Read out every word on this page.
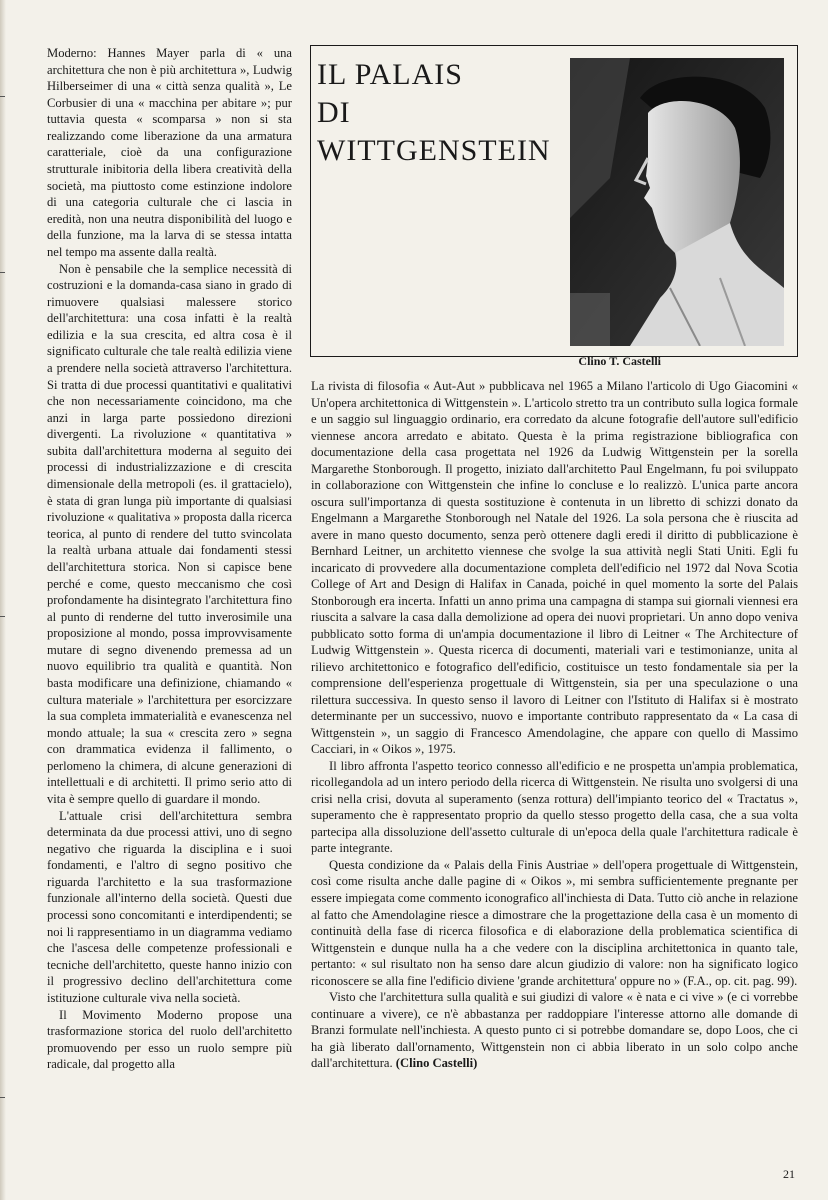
Moderno: Hannes Mayer parla di « una architettura che non è più architettura », Ludwig Hilberseimer di una « città senza qualità », Le Corbusier di una « macchina per abitare »; pur tuttavia questa « scomparsa » non si sta realizzando come liberazione da una armatura caratteriale, cioè da una configurazione strutturale inibitoria della libera creatività della società, ma piuttosto come estinzione indolore di una categoria culturale che ci lascia in eredità, non una neutra disponibilità del luogo e della funzione, ma la larva di se stessa intatta nel tempo ma assente dalla realtà.

Non è pensabile che la semplice necessità di costruzioni e la domanda-casa siano in grado di rimuovere qualsiasi malessere storico dell'architettura: una cosa infatti è la realtà edilizia e la sua crescita, ed altra cosa è il significato culturale che tale realtà edilizia viene a prendere nella società attraverso l'architettura. Si tratta di due processi quantitativi e qualitativi che non necessariamente coincidono, ma che anzi in larga parte possiedono direzioni divergenti. La rivoluzione « quantitativa » subita dall'architettura moderna al seguito dei processi di industrializzazione e di crescita dimensionale della metropoli (es. il grattacielo), è stata di gran lunga più importante di qualsiasi rivoluzione « qualitativa » proposta dalla ricerca teorica, al punto di rendere del tutto svincolata la realtà urbana attuale dai fondamenti stessi dell'architettura storica. Non si capisce bene perché e come, questo meccanismo che così profondamente ha disintegrato l'architettura fino al punto di renderne del tutto inverosimile una proposizione al mondo, possa improvvisamente mutare di segno divenendo premessa ad un nuovo equilibrio tra qualità e quantità. Non basta modificare una definizione, chiamando « cultura materiale » l'architettura per esorcizzare la sua completa immaterialità e evanescenza nel mondo attuale; la sua « crescita zero » segna con drammatica evidenza il fallimento, o perlomeno la chimera, di alcune generazioni di intellettuali e di architetti. Il primo serio atto di vita è sempre quello di guardare il mondo.

L'attuale crisi dell'architettura sembra determinata da due processi attivi, uno di segno negativo che riguarda la disciplina e i suoi fondamenti, e l'altro di segno positivo che riguarda l'architetto e la sua trasformazione funzionale all'interno della società. Questi due processi sono concomitanti e interdipendenti; se noi li rappresentiamo in un diagramma vediamo che l'ascesa delle competenze professionali e tecniche dell'architetto, queste hanno inizio con il progressivo declino dell'architettura come istituzione culturale viva nella società.

Il Movimento Moderno propose una trasformazione storica del ruolo dell'architetto promuovendo per esso un ruolo sempre più radicale, dal progetto alla

IL PALAIS
DI
WITTGENSTEIN
Clino T. Castelli

La rivista di filosofia « Aut-Aut » pubblicava nel 1965 a Milano l'articolo di Ugo Giacomini « Un'opera architettonica di Wittgenstein ». L'articolo stretto tra un contributo sulla logica formale e un saggio sul linguaggio ordinario, era corredato da alcune fotografie dell'autore sull'edificio viennese ancora arredato e abitato. Questa è la prima registrazione bibliografica con documentazione della casa progettata nel 1926 da Ludwig Wittgenstein per la sorella Margarethe Stonborough. Il progetto, iniziato dall'architetto Paul Engelmann, fu poi sviluppato in collaborazione con Wittgenstein che infine lo concluse e lo realizzò. L'unica parte ancora oscura sull'importanza di questa sostituzione è contenuta in un libretto di schizzi donato da Engelmann a Margarethe Stonborough nel Natale del 1926. La sola persona che è riuscita ad avere in mano questo documento, senza però ottenere dagli eredi il diritto di pubblicazione è Bernhard Leitner, un architetto viennese che svolge la sua attività negli Stati Uniti. Egli fu incaricato di provvedere alla documentazione completa dell'edificio nel 1972 dal Nova Scotia College of Art and Design di Halifax in Canada, poiché in quel momento la sorte del Palais Stonborough era incerta. Infatti un anno prima una campagna di stampa sui giornali viennesi era riuscita a salvare la casa dalla demolizione ad opera dei nuovi proprietari. Un anno dopo veniva pubblicato sotto forma di un'ampia documentazione il libro di Leitner « The Architecture of Ludwig Wittgenstein ». Questa ricerca di documenti, materiali vari e testimonianze, unita al rilievo architettonico e fotografico dell'edificio, costituisce un testo fondamentale sia per la comprensione dell'esperienza progettuale di Wittgenstein, sia per una speculazione o una rilettura successiva. In questo senso il lavoro di Leitner con l'Istituto di Halifax si è mostrato determinante per un successivo, nuovo e importante contributo rappresentato da « La casa di Wittgenstein », un saggio di Francesco Amendolagine, che appare con quello di Massimo Cacciari, in « Oikos », 1975.

Il libro affronta l'aspetto teorico connesso all'edificio e ne prospetta un'ampia problematica, ricollegandola ad un intero periodo della ricerca di Wittgenstein. Ne risulta uno svolgersi di una crisi nella crisi, dovuta al superamento (senza rottura) dell'impianto teorico del « Tractatus », superamento che è rappresentato proprio da quello stesso progetto della casa, che a sua volta partecipa alla dissoluzione dell'assetto culturale di un'epoca della quale l'architettura radicale è parte integrante.

Questa condizione da « Palais della Finis Austriae » dell'opera progettuale di Wittgenstein, così come risulta anche dalle pagine di « Oikos », mi sembra sufficientemente pregnante per essere impiegata come commento iconografico all'inchiesta di Data. Tutto ciò anche in relazione al fatto che Amendolagine riesce a dimostrare che la progettazione della casa è un momento di continuità della fase di ricerca filosofica e di elaborazione della problematica scientifica di Wittgenstein e dunque nulla ha a che vedere con la disciplina architettonica in quanto tale, pertanto: « sul risultato non ha senso dare alcun giudizio di valore: non ha significato logico riconoscere se alla fine l'edificio diviene 'grande architettura' oppure no » (F.A., op. cit. pag. 99).

Visto che l'architettura sulla qualità e sui giudizi di valore « è nata e ci vive » (e ci vorrebbe continuare a vivere), ce n'è abbastanza per raddoppiare l'interesse attorno alle domande di Branzi formulate nell'inchiesta. A questo punto ci si potrebbe domandare se, dopo Loos, che ci ha già liberato dall'ornamento, Wittgenstein non ci abbia liberato in un solo colpo anche dall'architettura. (Clino Castelli)

21
